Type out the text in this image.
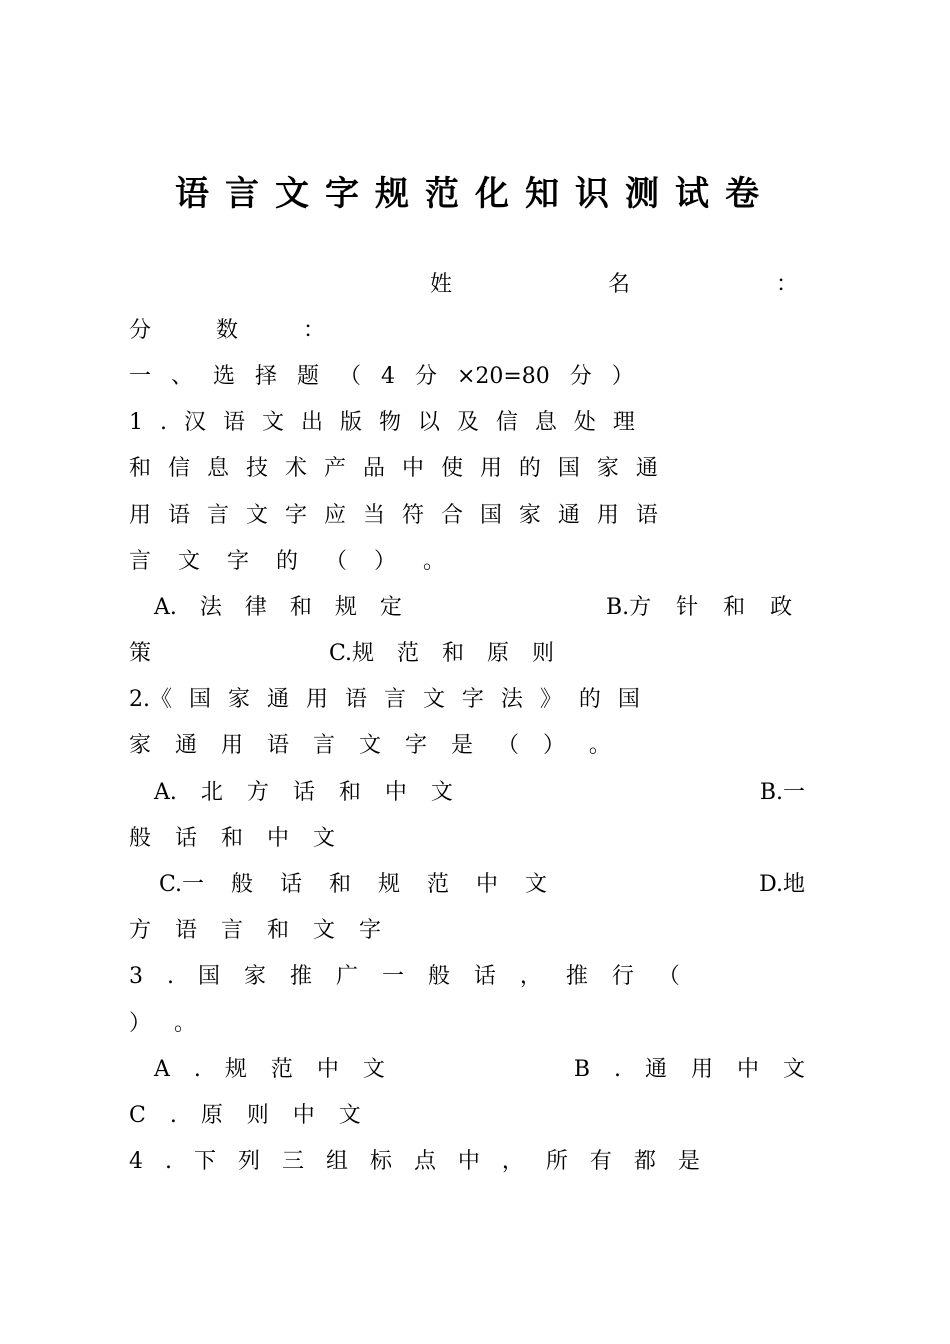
语言文字规范化知识测试卷
姓	名	：
分 数 ：
一 、 选 择 题 （ 4 分 ×20=80 分 ）
1 . 汉 语 文 出 版 物 以 及 信 息 处 理
和 信 息 技 术 产 品 中 使 用 的 国 家 通
用 语 言 文 字 应 当 符 合 国 家 通 用 语
言 文 字 的 （ ） 。
A. 法 律 和 规 定	B.方 针 和 政
策	C.规 范 和 原 则
2.《 国 家 通 用 语 言 文 字 法 》 的 国
家 通 用 语 言 文 字 是 （ ） 。
A. 北 方 话 和 中 文	B.一
般 话 和 中 文
C.一 般 话 和 规 范 中 文	D.地
方 语 言 和 文 字
3 . 国 家 推 广 一 般 话 ， 推 行 （
） 。
A . 规 范 中 文	B . 通 用 中 文
C . 原 则 中 文
4 . 下 列 三 组 标 点 中 ， 所 有 都 是
